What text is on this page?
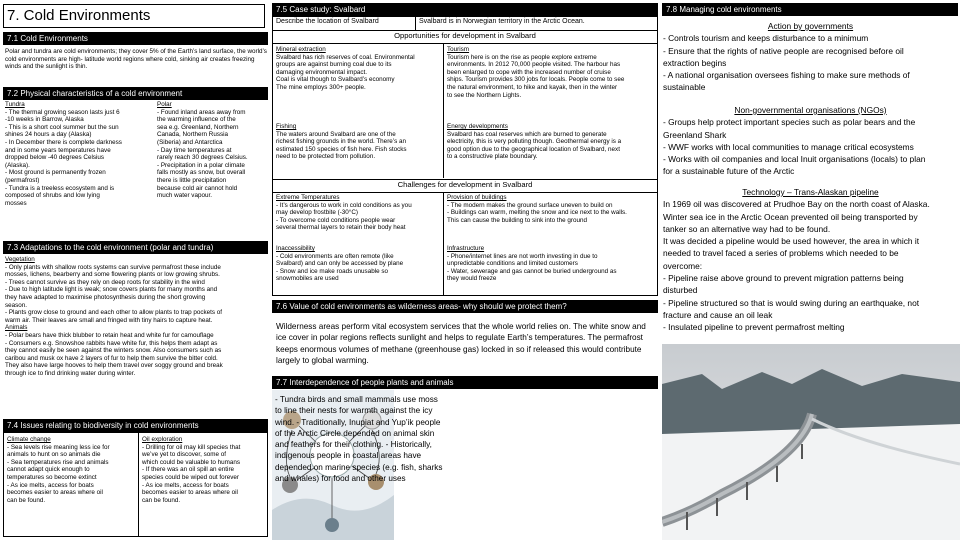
7. Cold Environments
7.1 Cold Environments
Polar and tundra are cold environments; they cover 5% of the Earth’s land surface, the world’s cold environments are high- latitude world regions where cold, sinking air creates freezing winds and the sunlight is thin.
7.2 Physical characteristics of a cold environment
Tundra
- The thermal growing season lasts just 6
-10 weeks in Barrow, Alaska
- This is a short cool summer but the sun
shines 24 hours a day (Alaska)
- In December there is complete darkness
and in some years temperatures have
dropped below -40 degrees Celsius
(Alaska).
- Most ground is permanently frozen
(permafrost)
- Tundra is a treeless ecosystem and is
composed of shrubs and low lying
mosses
Polar
- Found inland areas away from
the warming influence of the
sea e.g. Greenland, Northern
Canada, Northern Russia
(Siberia) and Antarctica
- Day time temperatures at
rarely reach 30 degrees Celsius.
- Precipitation in a polar climate
falls mostly as snow, but overall
there is little precipitation
because cold air cannot hold
much water vapour.
7.3 Adaptations to the cold environment (polar and tundra)
Vegetation
- Only plants with shallow roots systems can survive permafrost these include
mosses, lichens, bearberry and some flowering plants or low growing shrubs.
- Trees cannot survive as they rely on deep roots for stability in the wind
- Due to high latitude light is weak; snow covers plants for many months and
they have adapted to maximise photosynthesis during the short growing
season.
- Plants grow close to ground and each other to allow plants to trap pockets of
warm air. Their leaves are small and fringed with tiny hairs to capture heat.
Animals
- Polar bears have thick blubber to retain heat and white fur for camouflage
- Consumers e.g. Snowshoe rabbits have white fur, this helps them adapt as
they cannot easily be seen against the winters snow. Also consumers such as
caribou and musk ox have 2 layers of fur to help them survive the bitter cold.
They also have large hooves to help them travel over soggy ground and break
through ice to find drinking water during winter.
7.4 Issues relating to biodiversity in cold environments
Climate change
- Sea levels rise meaning less ice for
animals to hunt on so animals die
- Sea temperatures rise and animals
cannot adapt quick enough to
temperatures so become extinct
- As ice melts, access for boats
becomes easier to areas where oil
can be found.
Oil exploration
- Drilling for oil may kill species that
we’ve yet to discover, some of
which could be valuable to humans
- If there was an oil spill an entire
species could be wiped out forever
- As ice melts, access for boats
becomes easier to areas where oil
can be found.
7.5 Case study: Svalbard
Describe the location of Svalbard	Svalbard is in Norwegian territory in the Arctic Ocean.
Opportunities for development in Svalbard
Mineral extraction
Svalbard has rich reserves of coal. Environmental
groups are against burning coal due to its
damaging environmental impact.
Coal is vital though to Svalbard’s economy
The mine employs 300+ people.
Tourism
Tourism here is on the rise as people explore extreme
environments. In 2012 70,000 people visited. The harbour has
been enlarged to cope with the increased number of cruise
ships. Tourism provides 300 jobs for locals. People come to see
the natural environment, to hike and kayak, then in the winter
to see the Northern Lights.
Fishing
The waters around Svalbard are one of the
richest fishing grounds in the world. There’s an
estimated 150 species of fish here. Fish stocks
need to be protected from pollution.
Energy developments
Svalbard has coal reserves which are burned to generate
electricity, this is very polluting though. Geothermal energy is a
good option due to the geographical location of Svalbard, next
to a constructive plate boundary.
Challenges for development in Svalbard
Extreme Temperatures
- It’s dangerous to work in cold conditions as you
may develop frostbite (-30°C)
- To overcome cold conditions people wear
several thermal layers to retain their body heat
Provision of buildings
- The modern makes the ground surface uneven to build on
- Buildings can warm, melting the snow and ice next to the walls.
This can cause the building to sink into the ground
Inaccessibility
- Cold environments are often remote (like
Svalbard) and can only be accessed by plane
- Snow and ice make roads unusable so
snowmobiles are used
Infrastructure
- Phone/internet lines are not worth investing in due to
unpredictable conditions and limited customers
- Water, sewerage and gas cannot be buried underground as
they would freeze
7.6 Value of cold environments as wilderness areas- why should we protect them?
Wilderness areas perform vital ecosystem services that the whole world relies on. The white snow and ice cover in polar regions reflects sunlight and helps to regulate Earth’s temperatures. The permafrost keeps enormous volumes of methane (greenhouse gas) locked in so if released this would contribute largely to global warming.
7.7 Interdependence of people plants and animals
- Tundra birds and small mammals use moss to line their nests for warmth against the icy wind. - Traditionally, Inupiat and Yup’ik people of the Arctic Circle depended on animal skin and feathers for their clothing. - Historically, indigenous people in coastal areas have depended on marine species (e.g. fish, sharks and whales) for food and other uses
7.8 Managing cold environments
Action by governments
- Controls tourism and keeps disturbance to a minimum
- Ensure that the rights of native people are recognised before oil
extraction begins
- A national organisation oversees fishing to make sure methods of
sustainable
Non-governmental organisations (NGOs)
- Groups help protect important species such as polar bears and the
Greenland Shark
- WWF works with local communities to manage critical ecosystems
- Works with oil companies and local Inuit organisations (locals) to plan
for a sustainable future of the Arctic
Technology – Trans-Alaskan pipeline
In 1969 oil was discovered at Prudhoe Bay on the north coast of Alaska.
Winter sea ice in the Arctic Ocean prevented oil being transported by
tanker so an alternative way had to be found.
It was decided a pipeline would be used however, the area in which it
needed to travel faced a series of problems which needed to be
overcome:
- Pipeline raise above ground to prevent migration patterns being
disturbed
- Pipeline structured so that is would swing during an earthquake, not
fracture and cause an oil leak
- Insulated pipeline to prevent permafrost melting
